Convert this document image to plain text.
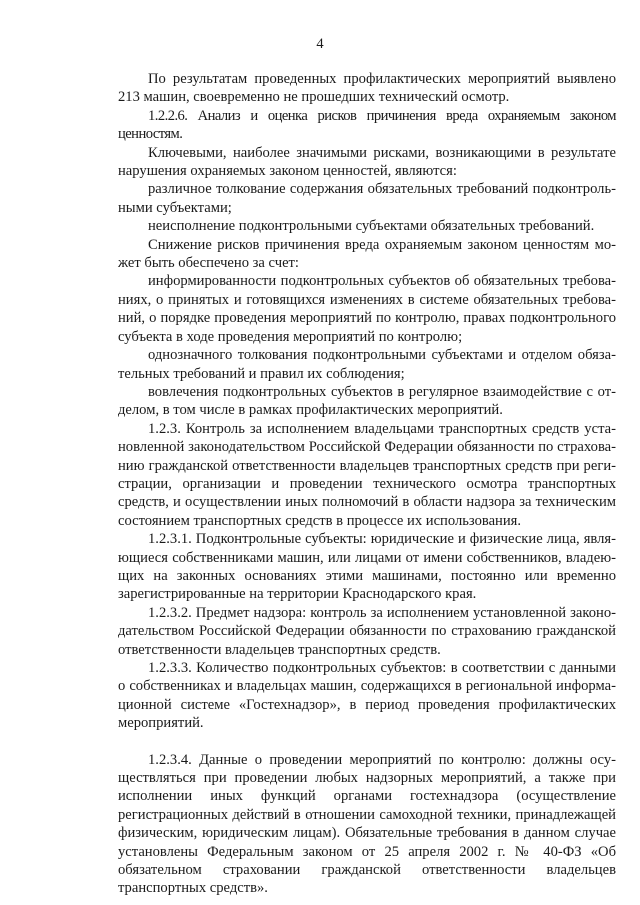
4

По результатам проведенных профилактических мероприятий выявлено 213 машин, своевременно не прошедших технический осмотр.

1.2.2.6. Анализ и оценка рисков причинения вреда охраняемым законом ценностям.

Ключевыми, наиболее значимыми рисками, возникающими в результате нарушения охраняемых законом ценностей, являются:

различное толкование содержания обязательных требований подконтрольными субъектами;

неисполнение подконтрольными субъектами обязательных требований.

Снижение рисков причинения вреда охраняемым законом ценностям может быть обеспечено за счет:

информированности подконтрольных субъектов об обязательных требованиях, о принятых и готовящихся изменениях в системе обязательных требований, о порядке проведения мероприятий по контролю, правах подконтрольного субъекта в ходе проведения мероприятий по контролю;

однозначного толкования подконтрольными субъектами и отделом обязательных требований и правил их соблюдения;

вовлечения подконтрольных субъектов в регулярное взаимодействие с отделом, в том числе в рамках профилактических мероприятий.

1.2.3. Контроль за исполнением владельцами транспортных средств установленной законодательством Российской Федерации обязанности по страхованию гражданской ответственности владельцев транспортных средств при регистрации, организации и проведении технического осмотра транспортных средств, и осуществлении иных полномочий в области надзора за техническим состоянием транспортных средств в процессе их использования.

1.2.3.1. Подконтрольные субъекты: юридические и физические лица, являющиеся собственниками машин, или лицами от имени собственников, владеющих на законных основаниях этими машинами, постоянно или временно зарегистрированные на территории Краснодарского края.

1.2.3.2. Предмет надзора: контроль за исполнением установленной законодательством Российской Федерации обязанности по страхованию гражданской ответственности владельцев транспортных средств.

1.2.3.3. Количество подконтрольных субъектов: в соответствии с данными о собственниках и владельцах машин, содержащихся в региональной информационной системе «Гостехнадзор», в период проведения профилактических мероприятий.

1.2.3.4. Данные о проведении мероприятий по контролю: должны осуществляться при проведении любых надзорных мероприятий, а также при исполнении иных функций органами гостехнадзора (осуществление регистрационных действий в отношении самоходной техники, принадлежащей физическим, юридическим лицам). Обязательные требования в данном случае установлены Федеральным законом от 25 апреля 2002 г. № 40-ФЗ «Об обязательном страховании гражданской ответственности владельцев транспортных средств».
